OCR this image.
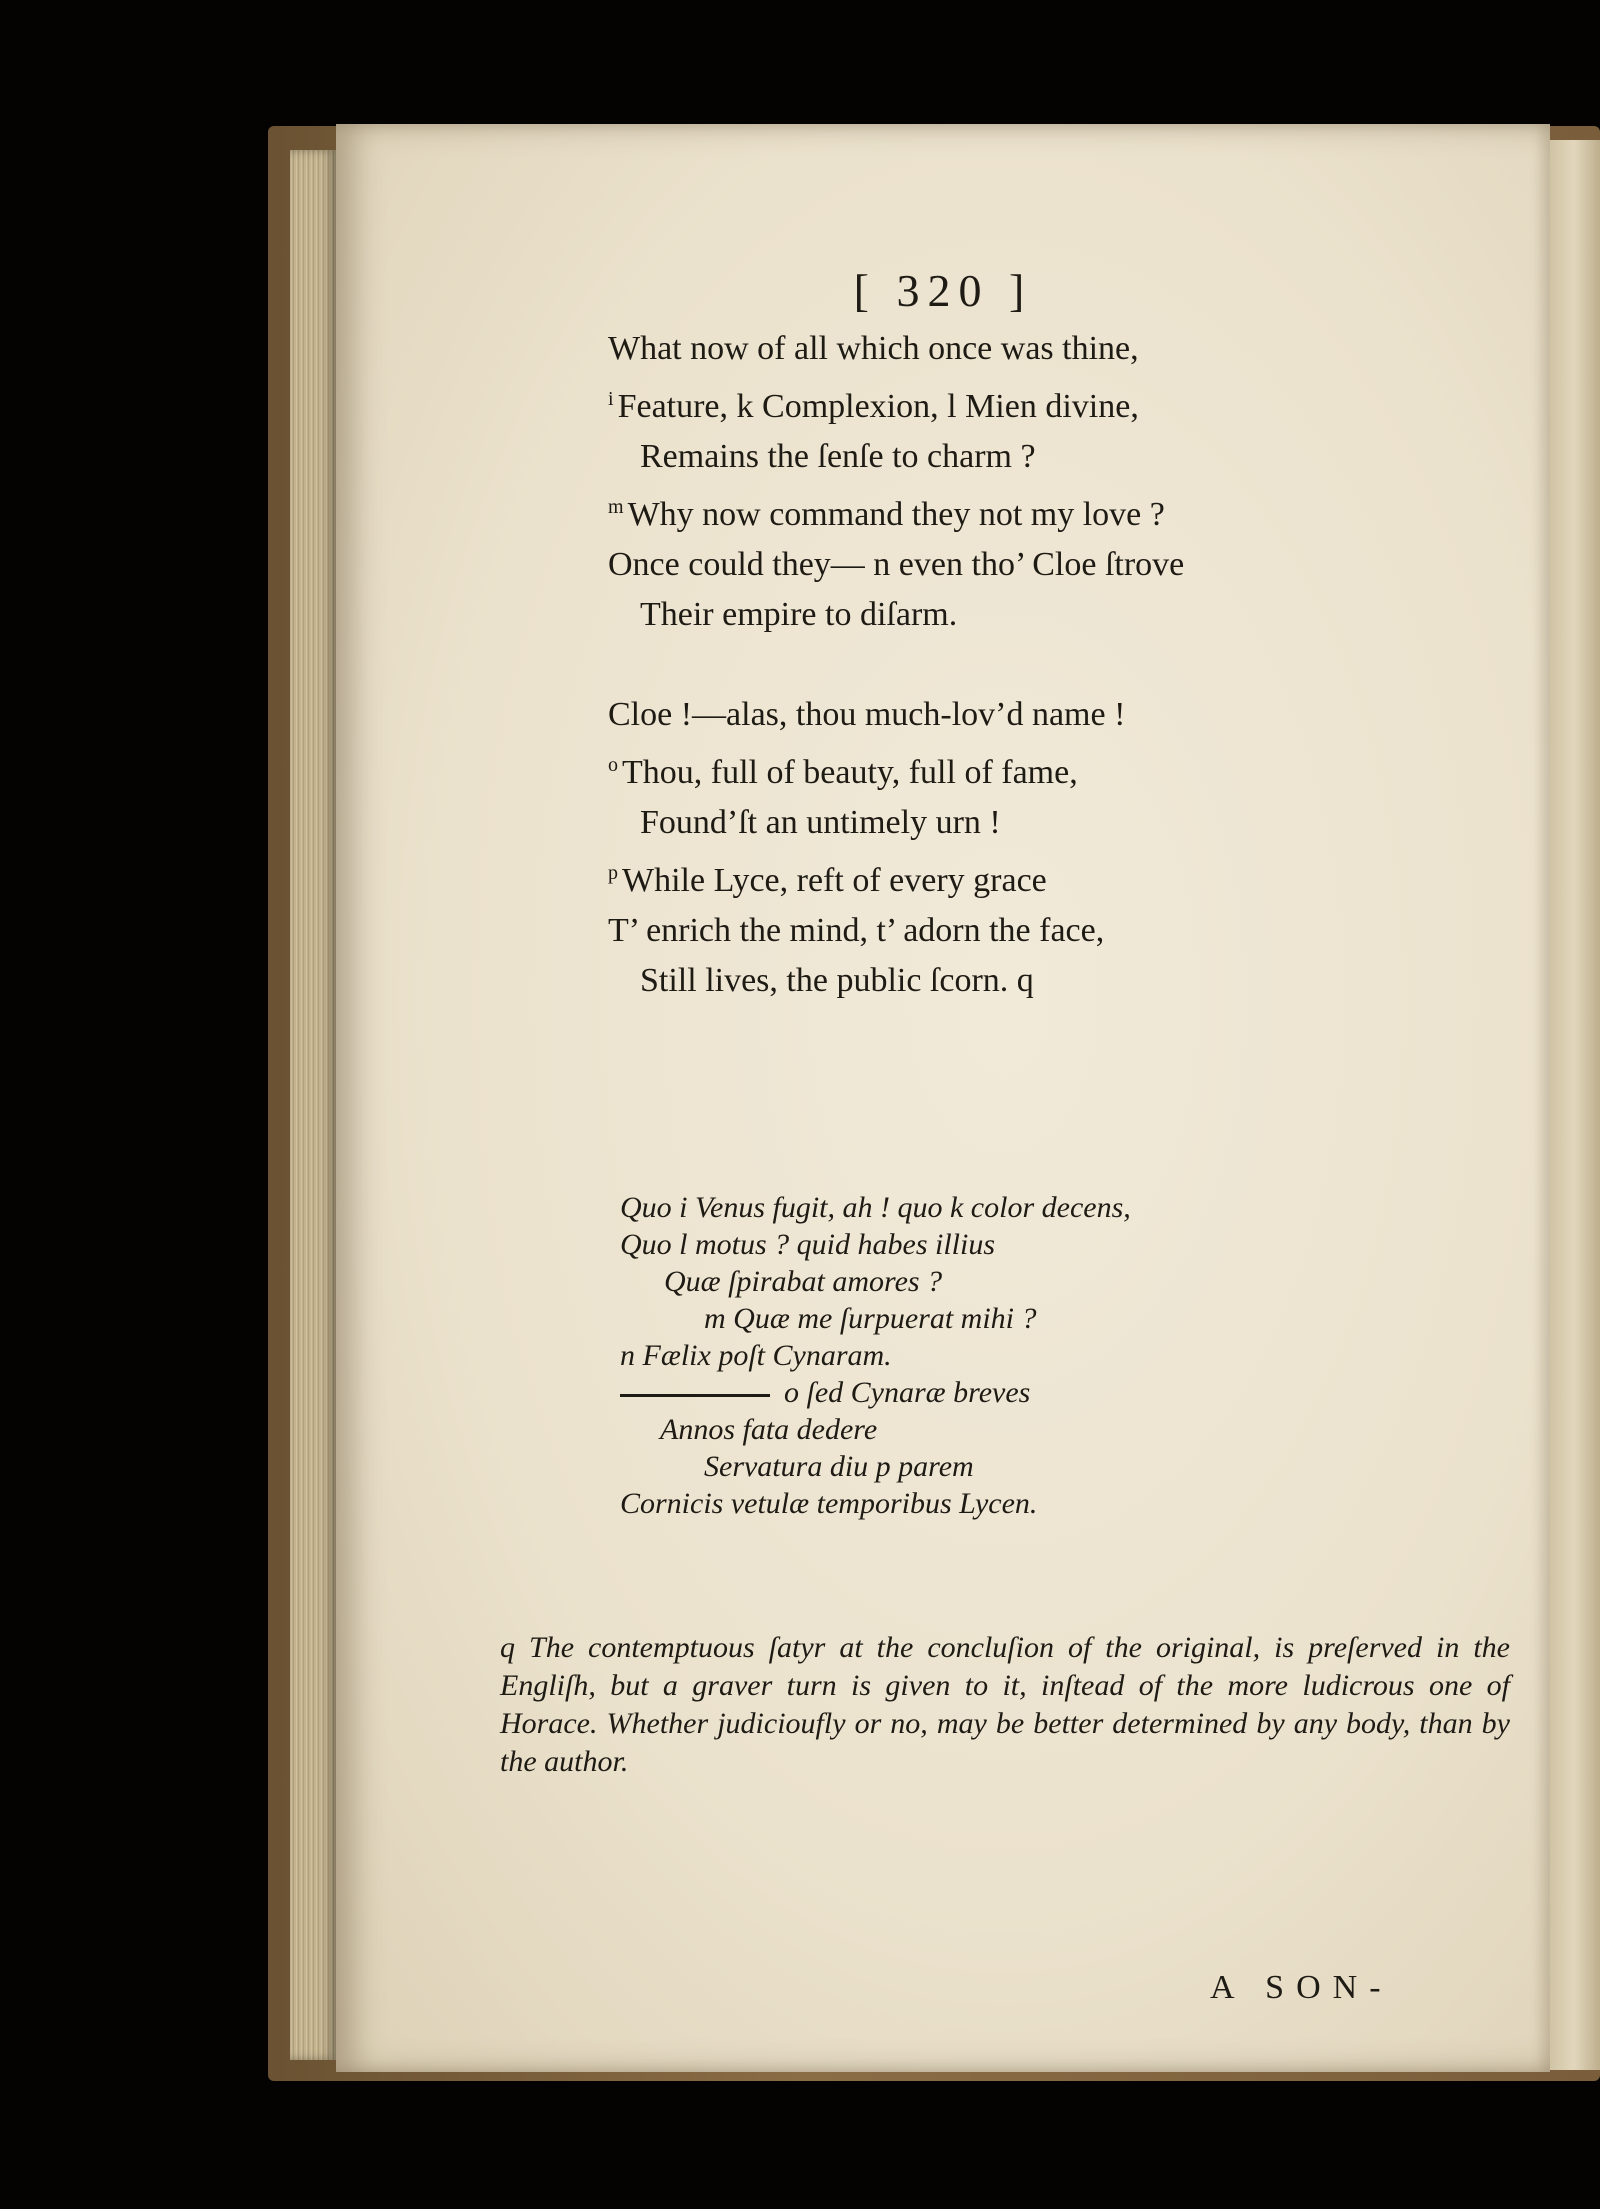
[ 320 ]
What now of all which once was thine,
$^i$ Feature, k Complexion, l Mien divine,
Remains the ſenſe to charm ?
$^m$ Why now command they not my love ?
Once could they— n even tho’ Cloe ſtrove
Their empire to diſarm.
Cloe !—alas, thou much-lov’d name !
$^o$ Thou, full of beauty, full of fame,
Found’ſt an untimely urn !
$^p$ While Lyce, reft of every grace
T’ enrich the mind, t’ adorn the face,
Still lives, the public ſcorn. q
Quo i Venus fugit, ah ! quo k color decens,
Quo l motus ? quid habes illius
Quæ ſpirabat amores ?
m Quæ me ſurpuerat mihi ?
n Fælix poſt Cynaram.
o ſed Cynaræ breves
Annos fata dedere
Servatura diu p parem
Cornicis vetulæ temporibus Lycen.
q The contemptuous ſatyr at the concluſion of the original, is preſerved in the Engliſh, but a graver turn is given to it, inſtead of the more ludicrous one of Horace. Whether judicioufly or no, may be better determined by any body, than by the author.
A SON-
